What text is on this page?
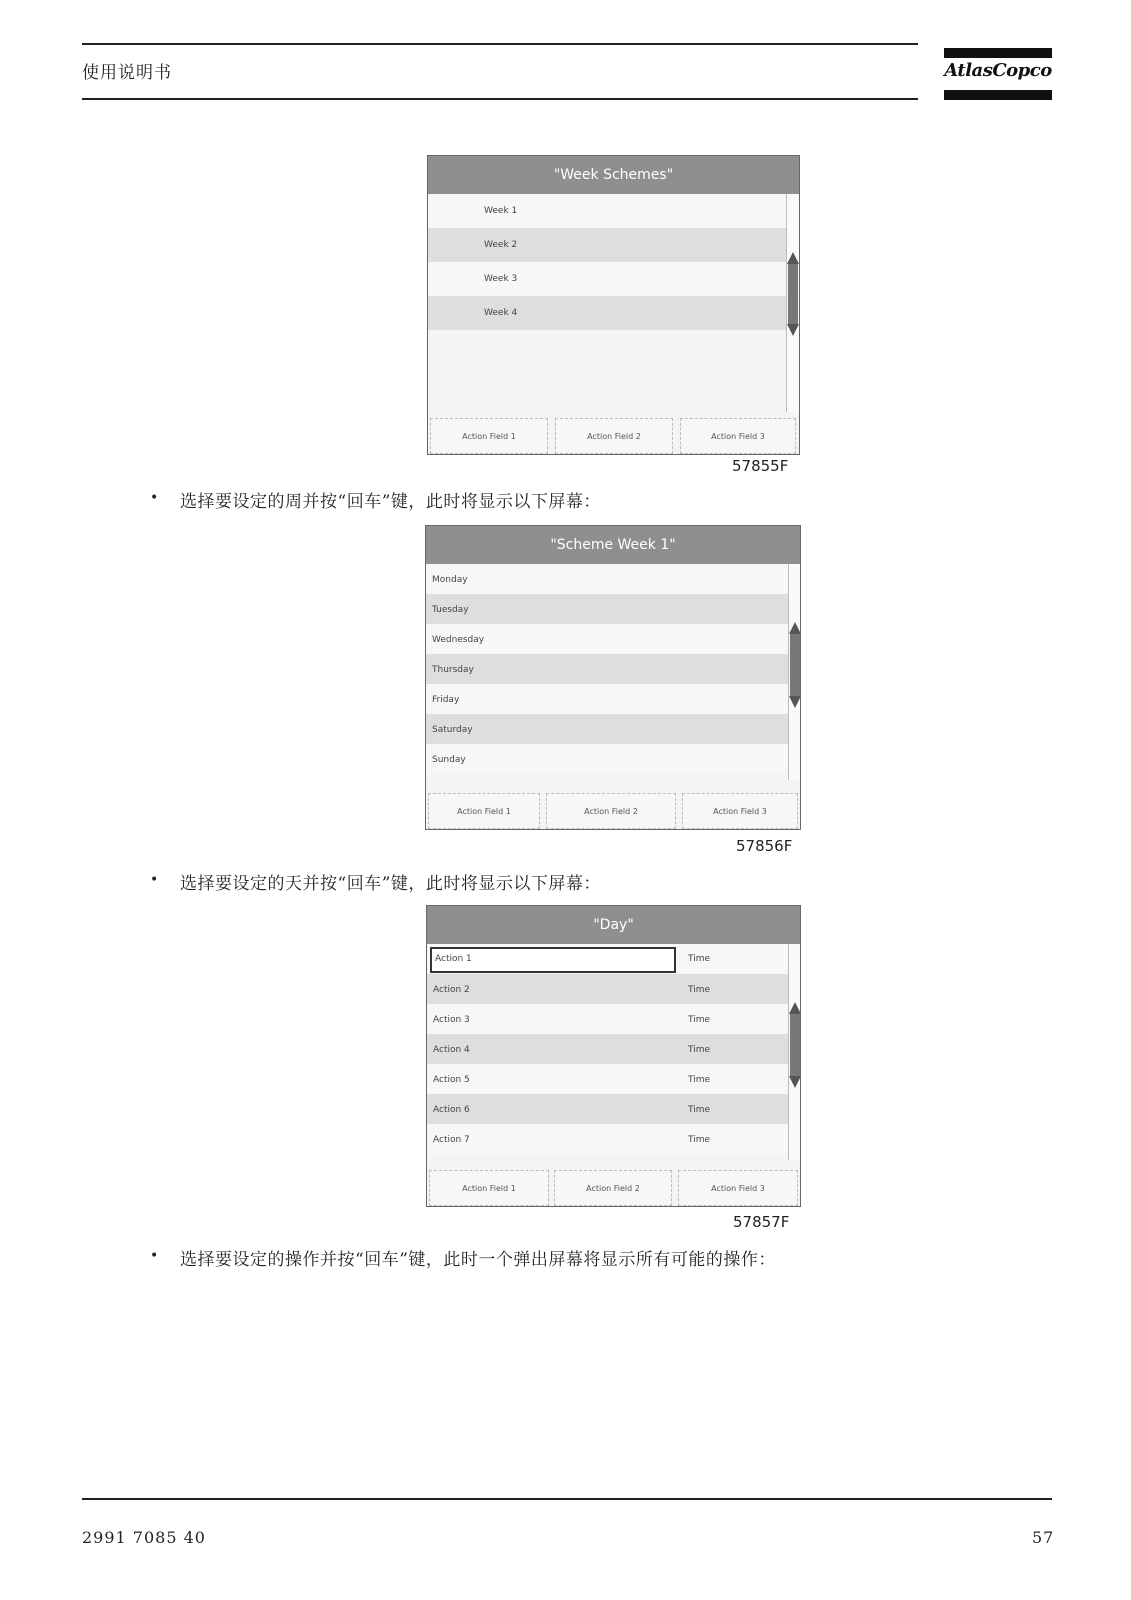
使用说明书	AtlasCopco
"Week Schemes"
Week 1
Week 2
Week 3
Week 4
Action Field 1	Action Field 2	Action Field 3
57855F
• 选择要设定的周并按“回车”键，此时将显示以下屏幕：
"Scheme Week 1"
Monday
Tuesday
Wednesday
Thursday
Friday
Saturday
Sunday
Action Field 1	Action Field 2	Action Field 3
57856F
• 选择要设定的天并按“回车”键，此时将显示以下屏幕：
"Day"
Action 1	Time
Action 2	Time
Action 3	Time
Action 4	Time
Action 5	Time
Action 6	Time
Action 7	Time
Action Field 1	Action Field 2	Action Field 3
57857F
• 选择要设定的操作并按“回车”键，此时一个弹出屏幕将显示所有可能的操作：
2991 7085 40	57
